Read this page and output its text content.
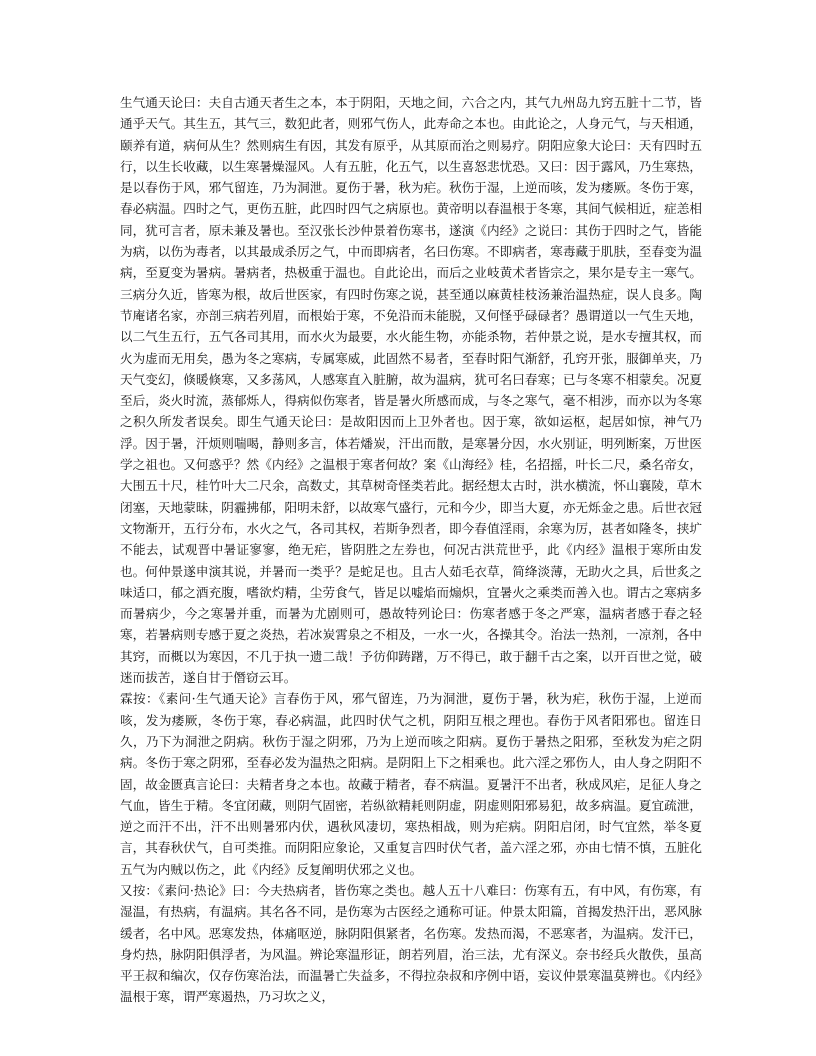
生气通天论曰：夫自古通天者生之本，本于阴阳，天地之间，六合之内，其气九州岛九窍五脏十二节，皆通乎天气。其生五，其气三，数犯此者，则邪气伤人，此寿命之本也。由此论之，人身元气，与天相通，颐养有道，病何从生？然则病生有因，其发有原乎，从其原而治之则易疗。阴阳应象大论曰：天有四时五行，以生长收藏，以生寒暑燥湿风。人有五脏，化五气，以生喜怒悲忧恐。又曰：因于露风，乃生寒热，是以春伤于风，邪气留连，乃为洞泄。夏伤于暑，秋为疟。秋伤于湿，上逆而咳，发为痿厥。冬伤于寒，春必病温。四时之气，更伤五脏，此四时四气之病原也。黄帝明以春温根于冬寒，其间气候相近，症恙相同，犹可言者，原未兼及暑也。至汉张长沙仲景着伤寒书，遂演《内经》之说曰：其伤于四时之气，皆能为病，以伤为毒者，以其最成杀厉之气，中而即病者，名曰伤寒。不即病者，寒毒藏于肌肤，至春变为温病，至夏变为暑病。暑病者，热极重于温也。自此论出，而后之业岐黄术者皆宗之，果尔是专主一寒气。三病分久近，皆寒为根，故后世医家，有四时伤寒之说，甚至通以麻黄桂枝汤兼治温热症，误人良多。陶节庵诸名家，亦剖三病若列眉，而根始于寒，不免沿而未能脱，又何怪乎碌碌者？愚谓道以一气生天地，以二气生五行，五气各司其用，而水火为最要，水火能生物，亦能杀物，若仲景之说，是水专擅其权，而火为虚而无用矣，愚为冬之寒病，专属寒威，此固然不易者，至春时阳气渐舒，孔窍开张，服御单夹，乃天气变幻，倏暖倏寒，又多荡风，人感寒直入脏腑，故为温病，犹可名曰春寒；已与冬寒不相蒙矣。况夏至后，炎火时流，蒸郁烁人，得病似伤寒者，皆是暑火所感而成，与冬之寒气，毫不相涉，而亦以为冬寒之积久所发者误矣。即生气通天论曰：是故阳因而上卫外者也。因于寒，欲如运枢，起居如惊，神气乃浮。因于暑，汗烦则喘喝，静则多言，体若燔炭，汗出而散，是寒暑分因，水火别证，明列断案，万世医学之祖也。又何惑乎？然《内经》之温根于寒者何故？案《山海经》桂，名招摇，叶长二尺，桑名帝女，大围五十尺，桂竹叶大二尺余，高数丈，其草树奇怪类若此。据经想太古时，洪水横流，怀山襄陵，草木闭塞，天地蒙昧，阴霾拂郁，阳明未舒，以故寒气盛行，元和今少，即当大夏，亦无烁金之患。后世衣冠文物渐开，五行分布，水火之气，各司其权，若斯争烈者，即今春值淫雨，余寒为厉，甚者如隆冬，挟圹不能去，试观晋中暑证寥寥，绝无疟，皆阴胜之左券也，何况古洪荒世乎，此《内经》温根于寒所由发也。何仲景遂申演其说，并暑而一类乎？是蛇足也。且古人茹毛衣草，简绛淡薄，无助火之具，后世炙之味适口，郁之酒充腹，嗜欲灼精，尘劳食气，皆足以嘘焰而煽炽，宜暑火之乘类而善入也。谓古之寒病多而暑病少，今之寒暑并重，而暑为尤剧则可，愚故特列论曰：伤寒者感于冬之严寒，温病者感于春之轻寒，若暑病则专感于夏之炎热，若冰炭霄泉之不相及，一水一火，各操其令。治法一热剂，一凉剂，各中其窍，而概以为寒因，不几于执一遗二哉！予彷仰踌躇，万不得已，敢于翻千古之案，以开百世之觉，破迷而拔苦，遂自甘于僭窃云耳。

霖按：《素问·生气通天论》言春伤于风，邪气留连，乃为洞泄，夏伤于暑，秋为疟，秋伤于湿，上逆而咳，发为痿厥，冬伤于寒，春必病温，此四时伏气之机，阴阳互根之理也。春伤于风者阳邪也。留连日久，乃下为洞泄之阴病。秋伤于湿之阴邪，乃为上逆而咳之阳病。夏伤于暑热之阳邪，至秋发为疟之阴病。冬伤于寒之阴邪，至春必发为温热之阳病。是阴阳上下之相乘也。此六淫之邪伤人，由人身之阴阳不固，故金匮真言论曰：夫精者身之本也。故藏于精者，春不病温。夏暑汗不出者，秋成风疟，足征人身之气血，皆生于精。冬宜闭藏，则阴气固密，若纵欲精耗则阴虚，阴虚则阳邪易犯，故多病温。夏宜疏泄，逆之而汗不出，汗不出则暑邪内伏，遇秋风凄切，寒热相战，则为疟病。阴阳启闭，时气宜然，举冬夏言，其春秋伏气，自可类推。而阴阳应象论，又重复言四时伏气者，盖六淫之邪，亦由七情不慎，五脏化五气为内贼以伤之，此《内经》反复阐明伏邪之义也。

又按：《素问·热论》曰：今夫热病者，皆伤寒之类也。越人五十八难曰：伤寒有五，有中风，有伤寒，有湿温，有热病，有温病。其名各不同，是伤寒为古医经之通称可证。仲景太阳篇，首揭发热汗出，恶风脉缓者，名中风。恶寒发热，体痛呕逆，脉阴阳俱紧者，名伤寒。发热而渴，不恶寒者，为温病。发汗已，身灼热，脉阴阳俱浮者，为风温。辨论寒温形证，朗若列眉，治三法，尤有深义。奈书经兵火散佚，虽高平王叔和编次，仅存伤寒治法，而温暑亡失益多，不得拉杂叔和序例中语，妄议仲景寒温莫辨也。《内经》温根于寒，谓严寒遏热，乃习坎之义，
